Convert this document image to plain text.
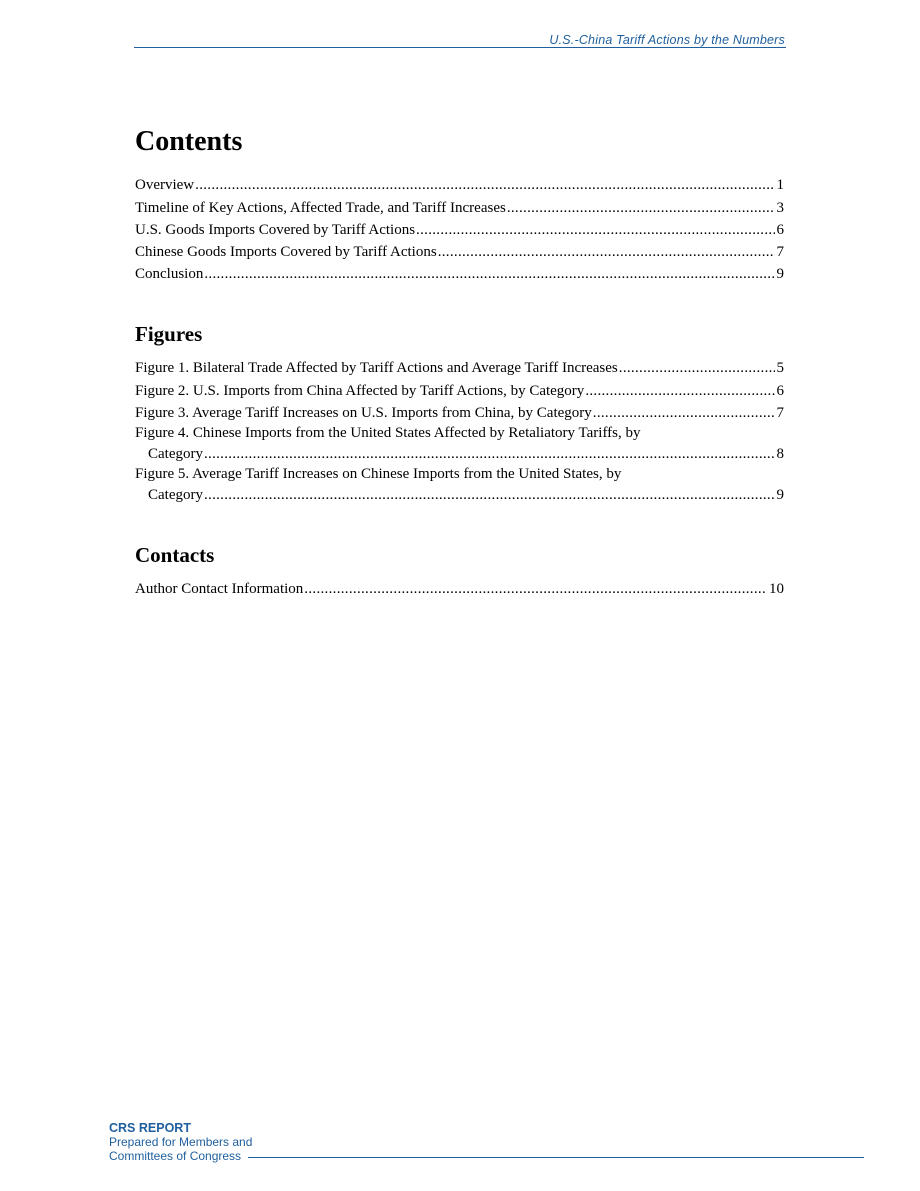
U.S.-China Tariff Actions by the Numbers
Contents
Overview .....	1
Timeline of Key Actions, Affected Trade, and Tariff Increases .....	3
U.S. Goods Imports Covered by Tariff Actions .....	6
Chinese Goods Imports Covered by Tariff Actions .....	7
Conclusion .....	9
Figures
Figure 1. Bilateral Trade Affected by Tariff Actions and Average Tariff Increases .....	5
Figure 2. U.S. Imports from China Affected by Tariff Actions, by Category .....	6
Figure 3. Average Tariff Increases on U.S. Imports from China, by Category .....	7
Figure 4. Chinese Imports from the United States Affected by Retaliatory Tariffs, by
Category .....	8
Figure 5. Average Tariff Increases on Chinese Imports from the United States, by
Category .....	9
Contacts
Author Contact Information .....	10
CRS REPORT
Prepared for Members and
Committees of Congress
